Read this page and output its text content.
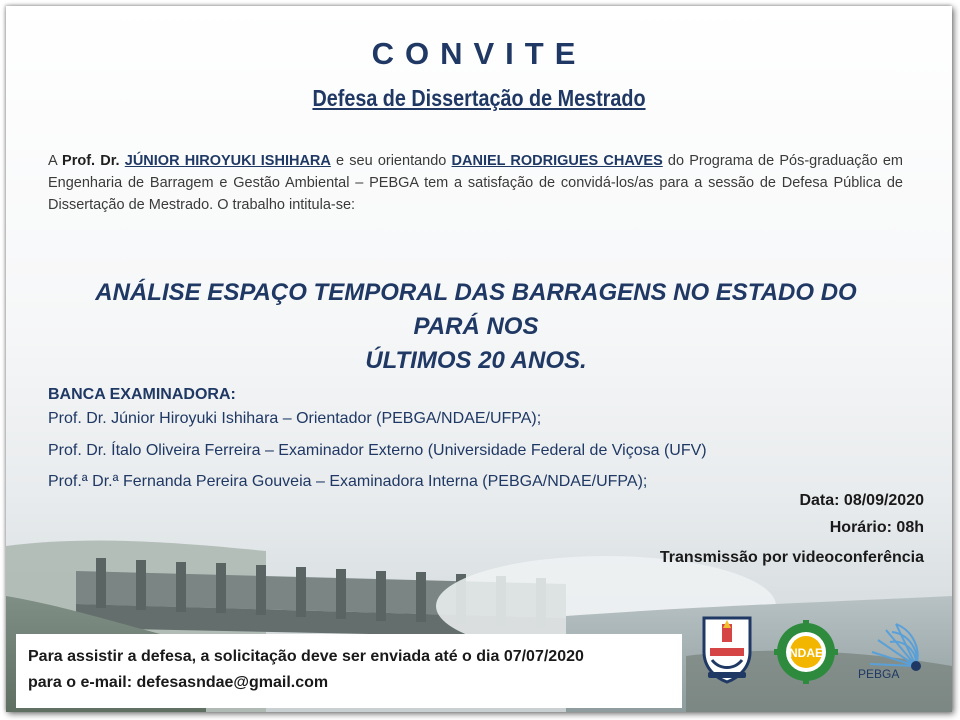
CONVITE
Defesa de Dissertação de Mestrado
A Prof. Dr. JÚNIOR HIROYUKI ISHIHARA e seu orientando DANIEL RODRIGUES CHAVES do Programa de Pós-graduação em Engenharia de Barragem e Gestão Ambiental – PEBGA tem a satisfação de convidá-los/as para a sessão de Defesa Pública de Dissertação de Mestrado. O trabalho intitula-se:
ANÁLISE ESPAÇO TEMPORAL DAS BARRAGENS NO ESTADO DO PARÁ NOS
ÚLTIMOS 20 ANOS.
BANCA EXAMINADORA:
Prof. Dr. Júnior Hiroyuki Ishihara – Orientador (PEBGA/NDAE/UFPA);
Prof. Dr. Ítalo Oliveira Ferreira – Examinador Externo (Universidade Federal de Viçosa (UFV)
Prof.ª Dr.ª Fernanda Pereira Gouveia – Examinadora Interna (PEBGA/NDAE/UFPA);
Data: 08/09/2020
Horário: 08h
Transmissão por videoconferência
Para assistir a defesa, a solicitação deve ser enviada até o dia 07/07/2020
para o e-mail: defesasndae@gmail.com
NDAE
PEBGA
